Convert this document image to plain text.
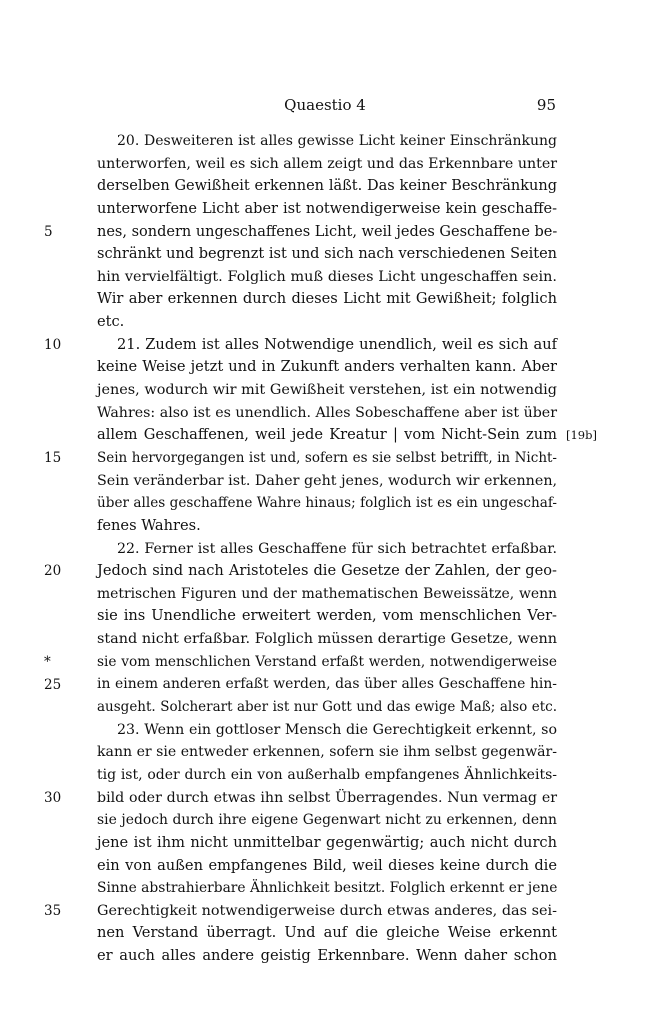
Quaestio 4	95
5
10
15
20
*
25
30
35
[19b]
20. Desweiteren ist alles gewisse Licht keiner Einschränkung
unterworfen, weil es sich allem zeigt und das Erkennbare unter
derselben Gewißheit erkennen läßt. Das keiner Beschränkung
unterworfene Licht aber ist notwendigerweise kein geschaffe-
nes, sondern ungeschaffenes Licht, weil jedes Geschaffene be-
schränkt und begrenzt ist und sich nach verschiedenen Seiten
hin vervielfältigt. Folglich muß dieses Licht ungeschaffen sein.
Wir aber erkennen durch dieses Licht mit Gewißheit; folglich
etc.
21. Zudem ist alles Notwendige unendlich, weil es sich auf
keine Weise jetzt und in Zukunft anders verhalten kann. Aber
jenes, wodurch wir mit Gewißheit verstehen, ist ein notwendig
Wahres: also ist es unendlich. Alles Sobeschaffene aber ist über
allem Geschaffenen, weil jede Kreatur | vom Nicht-Sein zum
Sein hervorgegangen ist und, sofern es sie selbst betrifft, in Nicht-
Sein veränderbar ist. Daher geht jenes, wodurch wir erkennen,
über alles geschaffene Wahre hinaus; folglich ist es ein ungeschaf-
fenes Wahres.
22. Ferner ist alles Geschaffene für sich betrachtet erfaßbar.
Jedoch sind nach Aristoteles die Gesetze der Zahlen, der geo-
metrischen Figuren und der mathematischen Beweissätze, wenn
sie ins Unendliche erweitert werden, vom menschlichen Ver-
stand nicht erfaßbar. Folglich müssen derartige Gesetze, wenn
sie vom menschlichen Verstand erfaßt werden, notwendigerweise
in einem anderen erfaßt werden, das über alles Geschaffene hin-
ausgeht. Solcherart aber ist nur Gott und das ewige Maß; also etc.
23. Wenn ein gottloser Mensch die Gerechtigkeit erkennt, so
kann er sie entweder erkennen, sofern sie ihm selbst gegenwär-
tig ist, oder durch ein von außerhalb empfangenes Ähnlichkeits-
bild oder durch etwas ihn selbst Überragendes. Nun vermag er
sie jedoch durch ihre eigene Gegenwart nicht zu erkennen, denn
jene ist ihm nicht unmittelbar gegenwärtig; auch nicht durch
ein von außen empfangenes Bild, weil dieses keine durch die
Sinne abstrahierbare Ähnlichkeit besitzt. Folglich erkennt er jene
Gerechtigkeit notwendigerweise durch etwas anderes, das sei-
nen Verstand überragt. Und auf die gleiche Weise erkennt
er auch alles andere geistig Erkennbare. Wenn daher schon
